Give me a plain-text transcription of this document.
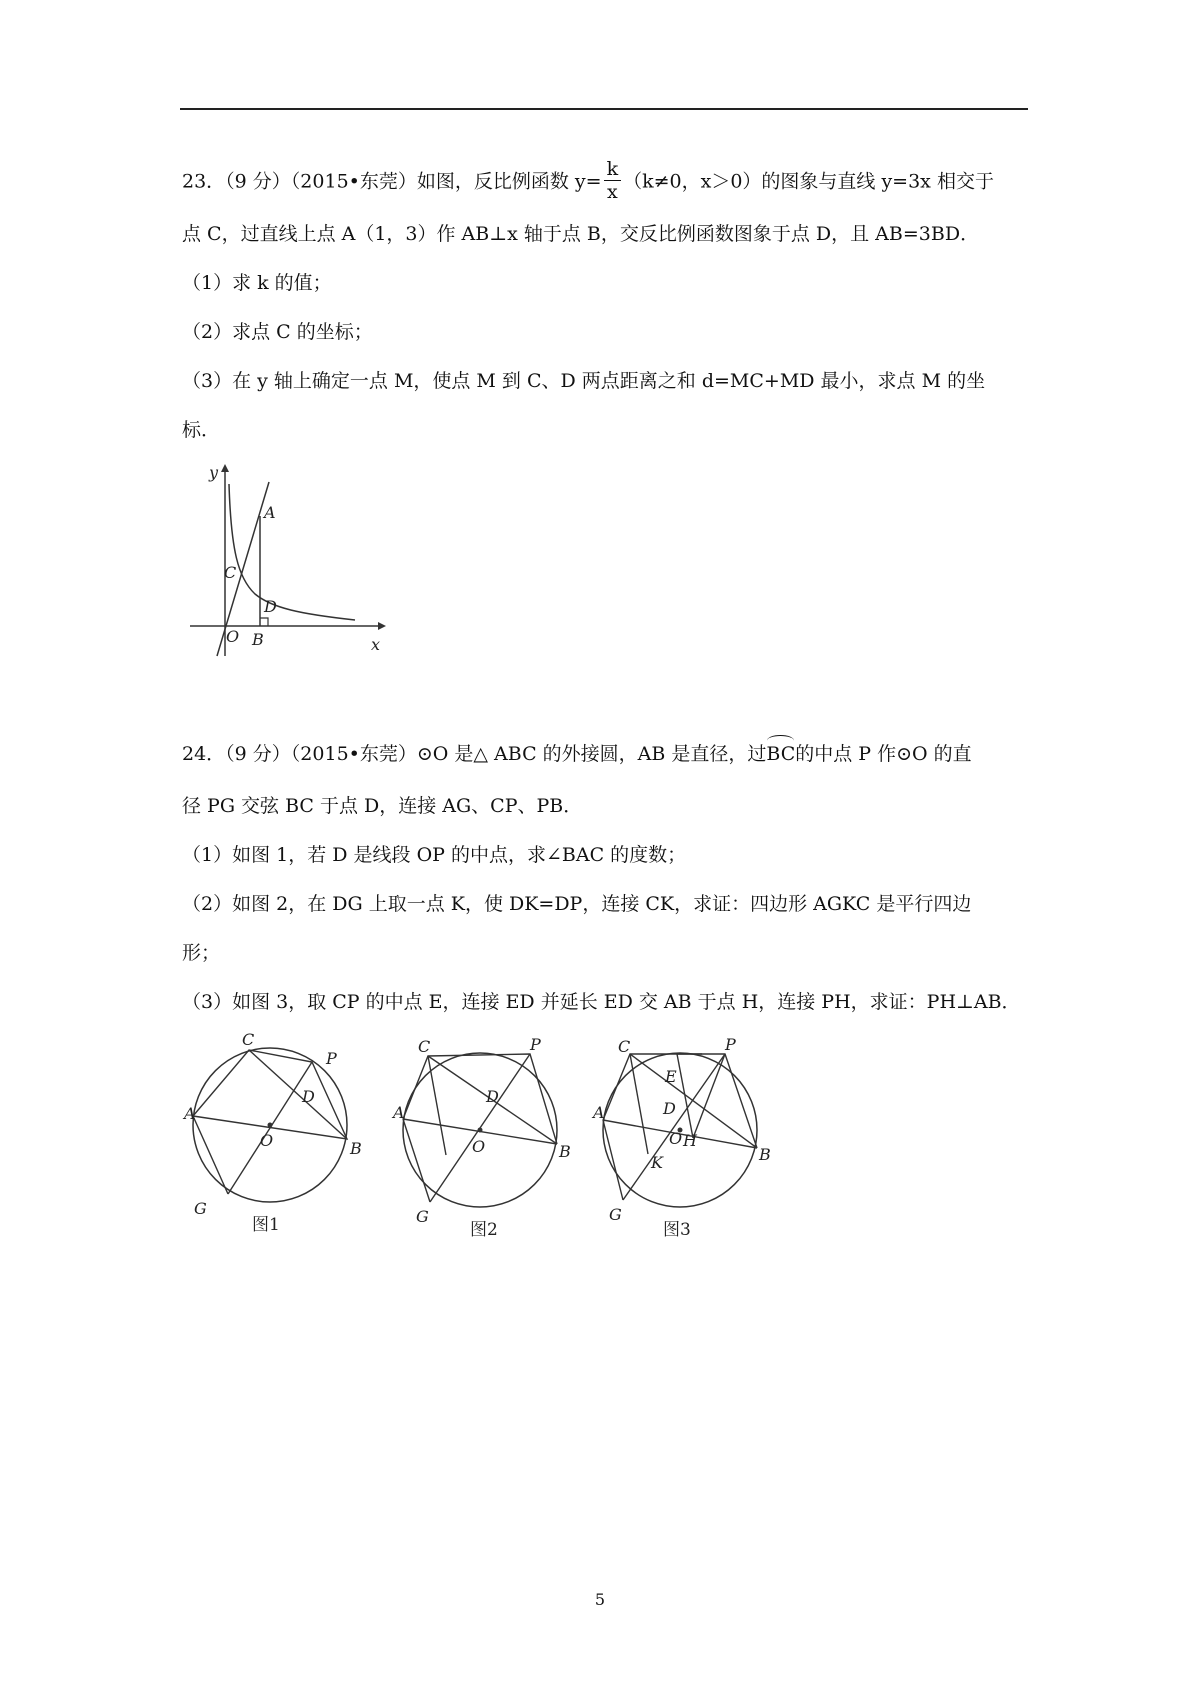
23．（9 分）（2015•东莞）如图，反比例函数 $y= \frac{k}{x} (k\ne 0$，x＞0）的图象与直线 y=3x 相交于
点 C，过直线上点 A（1，3）作 AB⊥x 轴于点 B，交反比例函数图象于点 D，且 AB=3BD．
（1）求 k 的值；
（2）求点 C 的坐标；
（3）在 y 轴上确定一点 M，使点 M 到 C、D 两点距离之和 d=MC+MD 最小，求点 M 的坐
标．
y
x
A
C
D
O B
24．（9 分）（2015•东莞）⊙O 是△ ABC 的外接圆，AB 是直径，过BC的中点 P 作⊙O 的直
径 PG 交弦 BC 于点 D，连接 AG、CP、PB．
（1）如图 1，若 D 是线段 OP 的中点，求∠BAC 的度数；
（2）如图 2，在 DG 上取一点 K，使 DK=DP，连接 CK，求证：四边形 AGKC 是平行四边
形；
（3）如图 3，取 CP 的中点 E，连接 ED 并延长 ED 交 AB 于点 H，连接 PH，求证：PH⊥AB．
A
C
P
D
O	B
G
图1
A
C	P
D
O	B
G
图2
A
C	P
E
D
O H
K	B
G
图3
5
